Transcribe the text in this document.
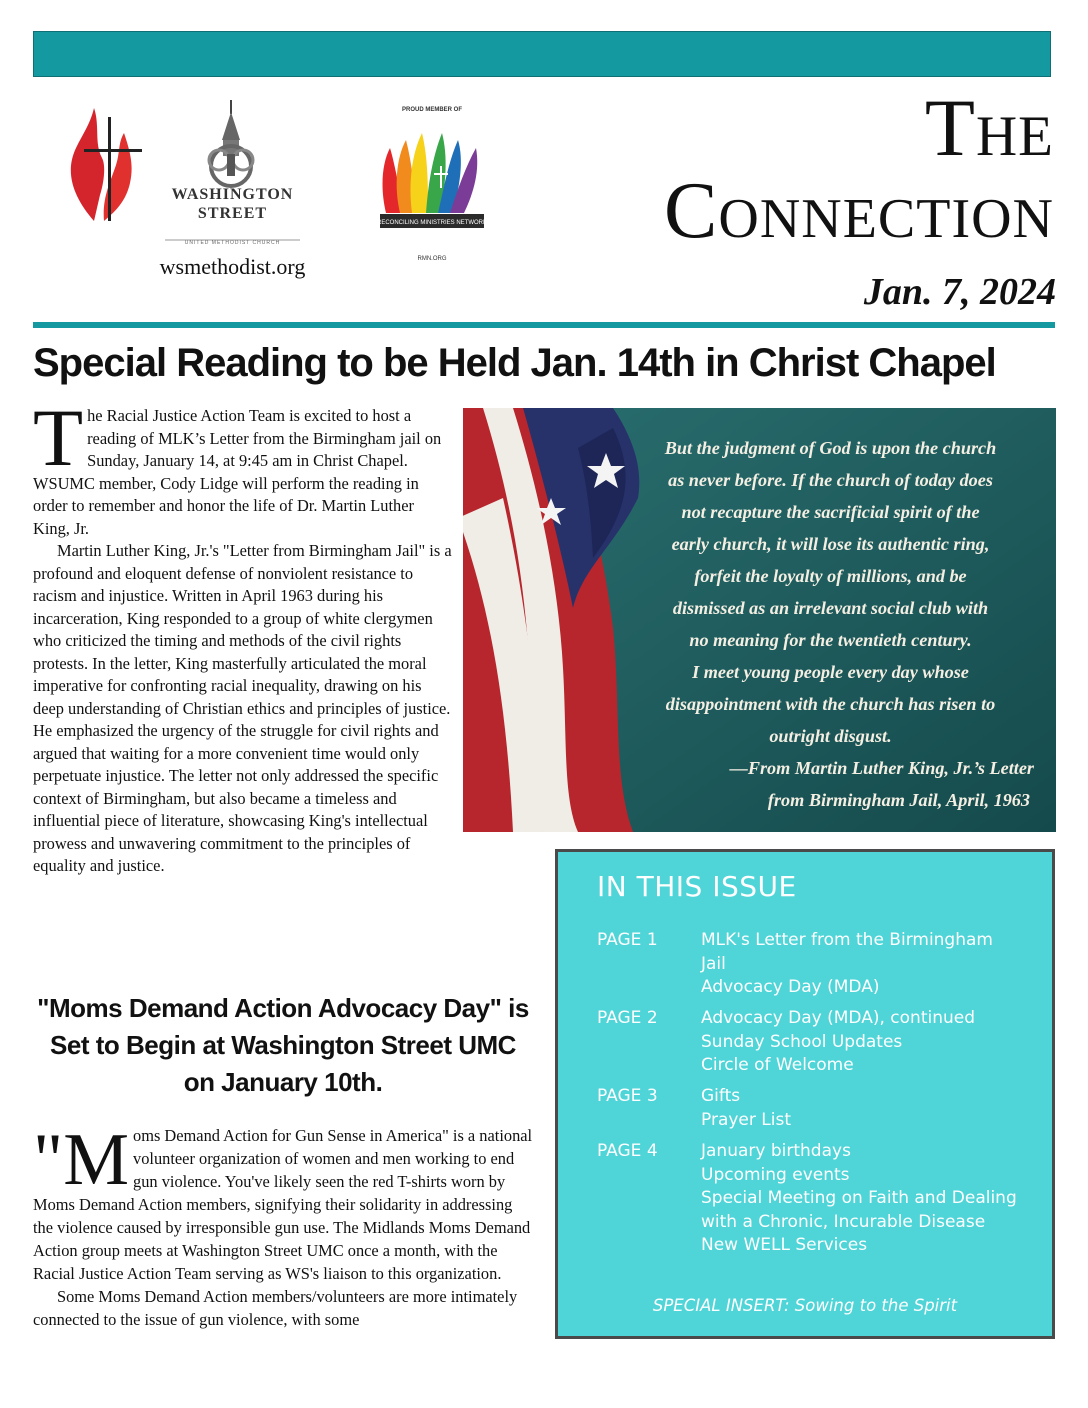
WASHINGTON
STREET
UNITED METHODIST CHURCH
wsmethodist.org
PROUD MEMBER OF
RECONCILING MINISTRIES NETWORK
RMN.ORG
The
Connection
Jan. 7, 2024
Special Reading to be Held Jan. 14th in Christ Chapel

The Racial Justice Action Team is excited to host a reading of MLK’s Letter from the Birmingham jail on Sunday, January 14, at 9:45 am in Christ Chapel. WSUMC member, Cody Lidge will perform the reading in order to remember and honor the life of Dr. Martin Luther King, Jr.

Martin Luther King, Jr.'s "Letter from Birmingham Jail" is a profound and eloquent defense of nonviolent resistance to racism and injustice. Written in April 1963 during his incarceration, King responded to a group of white clergymen who criticized the timing and methods of the civil rights protests. In the letter, King masterfully articulated the moral imperative for confronting racial inequality, drawing on his deep understanding of Christian ethics and principles of justice. He emphasized the urgency of the struggle for civil rights and argued that waiting for a more convenient time would only perpetuate injustice. The letter not only addressed the specific context of Birmingham, but also became a timeless and influential piece of literature, showcasing King's intellectual prowess and unwavering commitment to the principles of equality and justice.

But the judgment of God is upon the church
as never before. If the church of today does
not recapture the sacrificial spirit of the
early church, it will lose its authentic ring,
forfeit the loyalty of millions, and be
dismissed as an irrelevant social club with
no meaning for the twentieth century.
I meet young people every day whose
disappointment with the church has risen to
outright disgust.
—From Martin Luther King, Jr.’s Letter
from Birmingham Jail, April, 1963
"Moms Demand Action Advocacy Day" is Set to Begin at Washington Street UMC on January 10th.

"Moms Demand Action for Gun Sense in America" is a national volunteer organization of women and men working to end gun violence. You've likely seen the red T-shirts worn by Moms Demand Action members, signifying their solidarity in addressing the violence caused by irresponsible gun use. The Midlands Moms Demand Action group meets at Washington Street UMC once a month, with the Racial Justice Action Team serving as WS's liaison to this organization.

Some Moms Demand Action members/volunteers are more intimately connected to the issue of gun violence, with some

IN THIS ISSUE
PAGE 1	MLK's Letter from the Birmingham Jail
Advocacy Day (MDA)
PAGE 2	Advocacy Day (MDA), continued
Sunday School Updates
Circle of Welcome
PAGE 3	Gifts
Prayer List
PAGE 4	January birthdays
Upcoming events
Special Meeting on Faith and Dealing with a Chronic, Incurable Disease
New WELL Services
SPECIAL INSERT: Sowing to the Spirit
